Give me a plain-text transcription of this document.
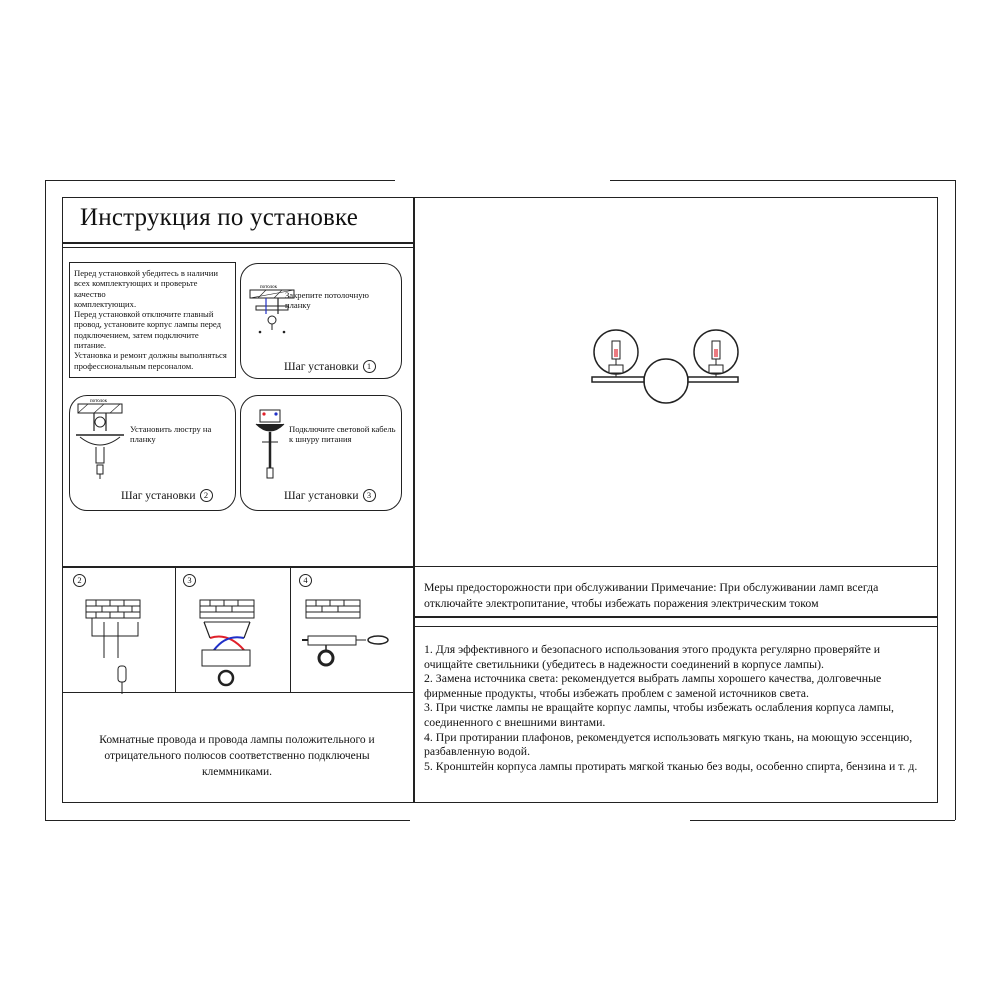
Инструкция по установке

Перед установкой убедитесь в наличии

всех комплектующих и проверьте качество

комплектующих.

Перед установкой отключите главный

провод, установите корпус лампы перед

подключением, затем подключите питание.

Установка и ремонт должны выполняться

профессиональным персоналом.

потолок
Закрепите потолочную
планку
Шаг установки 1
потолок
Установить люстру на
планку
Шаг установки 2
Подключите световой кабель
к шнуру питания
Шаг установки 3
2	3	4
Комнатные провода и провода лампы положительного и
отрицательного полюсов соответственно подключены
клеммниками.
Меры предосторожности при обслуживании Примечание: При обслуживании ламп всегда
отключайте электропитание, чтобы избежать поражения электрическим током

1. Для эффективного и безопасного использования этого продукта регулярно проверяйте и

очищайте светильники (убедитесь в надежности соединений в корпусе лампы).

2. Замена источника света: рекомендуется выбрать лампы хорошего качества, долговечные

фирменные продукты, чтобы избежать проблем с заменой источников света.

3. При чистке лампы не вращайте корпус лампы, чтобы избежать ослабления корпуса лампы,

соединенного с внешними винтами.

4. При протирании плафонов, рекомендуется использовать мягкую ткань, на моющую эссенцию,

разбавленную водой.

5. Кронштейн корпуса лампы протирать мягкой тканью без воды, особенно спирта, бензина и т. д.
